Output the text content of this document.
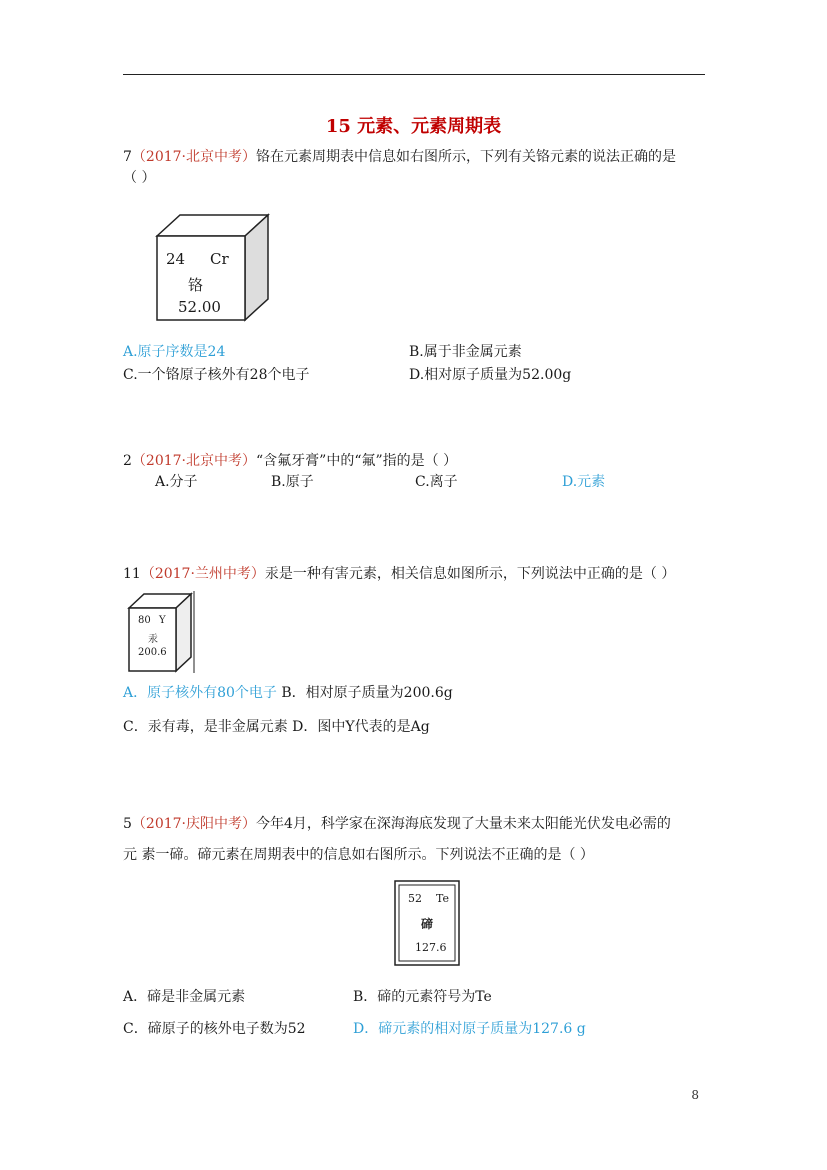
15 元素、元素周期表
7（2017·北京中考）铬在元素周期表中信息如右图所示，下列有关铬元素的说法正确的是
（ ）
24 Cr
铬
52.00
A.原子序数是24	B.属于非金属元素
C.一个铬原子核外有28个电子	D.相对原子质量为52.00g
2（2017·北京中考）“含氟牙膏”中的“氟”指的是（ ）
A.分子	B.原子	C.离子	D.元素
11（2017·兰州中考）汞是一种有害元素，相关信息如图所示，下列说法中正确的是（ ）
80 Y
汞
200.6
A．原子核外有80个电子 B．相对原子质量为200.6g
C．汞有毒，是非金属元素 D．图中Y代表的是Ag
5（2017·庆阳中考）今年4月，科学家在深海海底发现了大量未来太阳能光伏发电必需的
元 素一碲。碲元素在周期表中的信息如右图所示。下列说法不正确的是（ ）
52 Te
碲
127.6
A．碲是非金属元素	B．碲的元素符号为Te
C．碲原子的核外电子数为52	D．碲元素的相对原子质量为127.6 g
8
